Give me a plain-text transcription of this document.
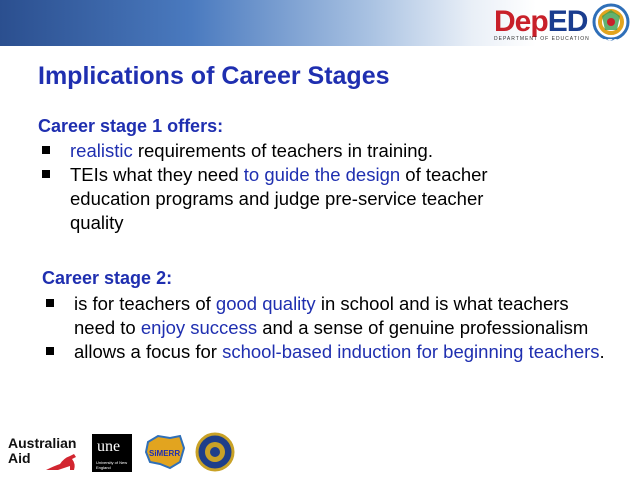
DepED
DEPARTMENT OF EDUCATION RCTQ
Implications of Career Stages
Career stage 1 offers:
realistic requirements of teachers in training.
TEIs what they need to guide the design of teacher education programs and judge pre-service teacher quality
Career stage 2:
is for teachers of good quality in school and is what teachers need to enjoy success and a sense of genuine professionalism
allows a focus for school-based induction for beginning teachers.
Australian
Aid
une
University of New England
SiMERR
